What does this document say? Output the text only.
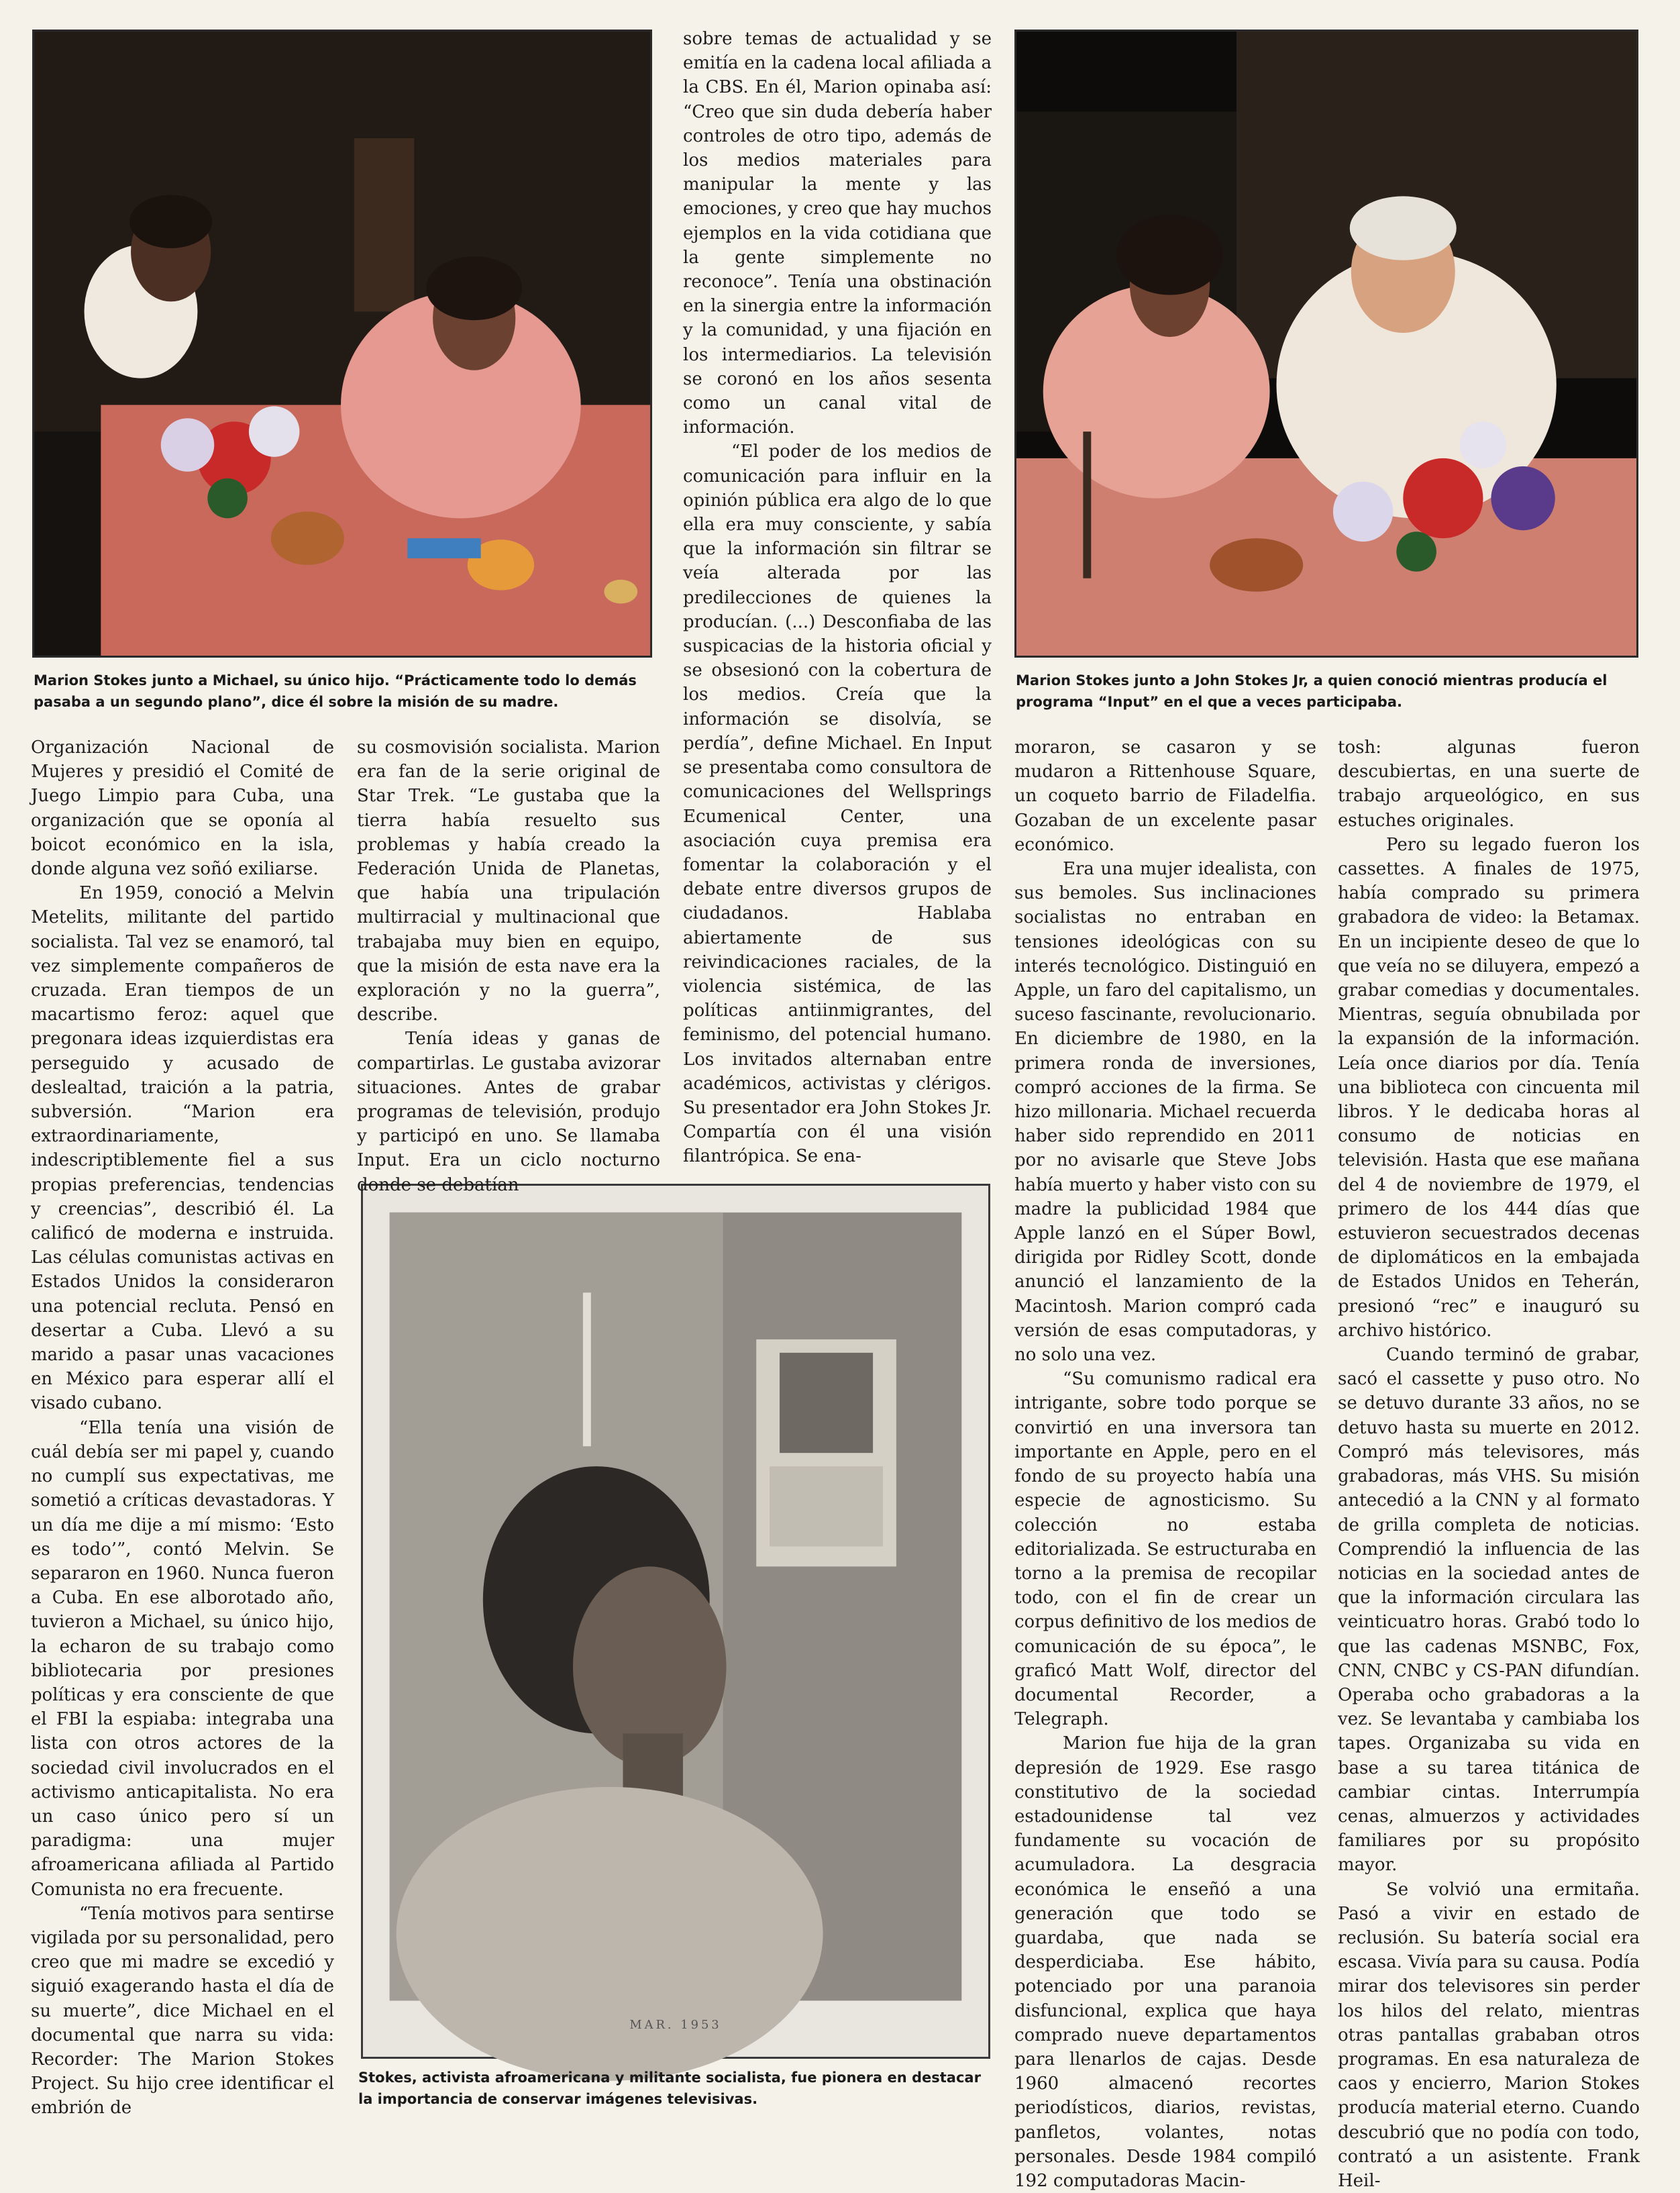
Marion Stokes junto a Michael, su único hijo. “Prácticamente todo lo demás pasaba a un segundo plano”, dice él sobre la misión de su madre.
Marion Stokes junto a John Stokes Jr, a quien conoció mientras producía el programa “Input” en el que a veces participaba.
MAR. 1953
Stokes, activista afroamericana y militante socialista, fue pionera en destacar la importancia de conservar imágenes televisivas.

sobre temas de actualidad y se emitía en la cadena local afiliada a la CBS. En él, Marion opinaba así: “Creo que sin duda debería haber controles de otro tipo, además de los medios materiales para manipular la mente y las emociones, y creo que hay muchos ejemplos en la vida cotidiana que la gente simplemente no reconoce”. Tenía una obstinación en la sinergia entre la información y la comunidad, y una fijación en los intermediarios. La televisión se coronó en los años sesenta como un canal vital de información.

“El poder de los medios de comunicación para influir en la opinión pública era algo de lo que ella era muy consciente, y sabía que la información sin filtrar se veía alterada por las predilecciones de quienes la producían. (...) Desconfiaba de las suspicacias de la historia oficial y se obsesionó con la cobertura de los medios. Creía que la información se disolvía, se perdía”, define Michael. En Input se presentaba como consultora de comunicaciones del Wellsprings Ecumenical Center, una asociación cuya premisa era fomentar la colaboración y el debate entre diversos grupos de ciudadanos. Hablaba abiertamente de sus reivindicaciones raciales, de la violencia sistémica, de las políticas antiinmigrantes, del feminismo, del potencial humano. Los invitados alternaban entre académicos, activistas y clérigos. Su presentador era John Stokes Jr. Compartía con él una visión filantrópica. Se ena-

Organización Nacional de Mujeres y presidió el Comité de Juego Limpio para Cuba, una organización que se oponía al boicot económico en la isla, donde alguna vez soñó exiliarse.

En 1959, conoció a Melvin Metelits, militante del partido socialista. Tal vez se enamoró, tal vez simplemente compañeros de cruzada. Eran tiempos de un macartismo feroz: aquel que pregonara ideas izquierdistas era perseguido y acusado de deslealtad, traición a la patria, subversión. “Marion era extraordinariamente, indescriptiblemente fiel a sus propias preferencias, tendencias y creencias”, describió él. La calificó de moderna e instruida. Las células comunistas activas en Estados Unidos la consideraron una potencial recluta. Pensó en desertar a Cuba. Llevó a su marido a pasar unas vacaciones en México para esperar allí el visado cubano.

“Ella tenía una visión de cuál debía ser mi papel y, cuando no cumplí sus expectativas, me sometió a críticas devastadoras. Y un día me dije a mí mismo: ‘Esto es todo’”, contó Melvin. Se separaron en 1960. Nunca fueron a Cuba. En ese alborotado año, tuvieron a Michael, su único hijo, la echaron de su trabajo como bibliotecaria por presiones políticas y era consciente de que el FBI la espiaba: integraba una lista con otros actores de la sociedad civil involucrados en el activismo anticapitalista. No era un caso único pero sí un paradigma: una mujer afroamericana afiliada al Partido Comunista no era frecuente.

“Tenía motivos para sentirse vigilada por su personalidad, pero creo que mi madre se excedió y siguió exagerando hasta el día de su muerte”, dice Michael en el documental que narra su vida: Recorder: The Marion Stokes Project. Su hijo cree identificar el embrión de

su cosmovisión socialista. Marion era fan de la serie original de Star Trek. “Le gustaba que la tierra había resuelto sus problemas y había creado la Federación Unida de Planetas, que había una tripulación multirracial y multinacional que trabajaba muy bien en equipo, que la misión de esta nave era la exploración y no la guerra”, describe.

Tenía ideas y ganas de compartirlas. Le gustaba avizorar situaciones. Antes de grabar programas de televisión, produjo y participó en uno. Se llamaba Input. Era un ciclo nocturno donde se debatían

moraron, se casaron y se mudaron a Rittenhouse Square, un coqueto barrio de Filadelfia. Gozaban de un excelente pasar económico.

Era una mujer idealista, con sus bemoles. Sus inclinaciones socialistas no entraban en tensiones ideológicas con su interés tecnológico. Distinguió en Apple, un faro del capitalismo, un suceso fascinante, revolucionario. En diciembre de 1980, en la primera ronda de inversiones, compró acciones de la firma. Se hizo millonaria. Michael recuerda haber sido reprendido en 2011 por no avisarle que Steve Jobs había muerto y haber visto con su madre la publicidad 1984 que Apple lanzó en el Súper Bowl, dirigida por Ridley Scott, donde anunció el lanzamiento de la Macintosh. Marion compró cada versión de esas computadoras, y no solo una vez.

“Su comunismo radical era intrigante, sobre todo porque se convirtió en una inversora tan importante en Apple, pero en el fondo de su proyecto había una especie de agnosticismo. Su colección no estaba editorializada. Se estructuraba en torno a la premisa de recopilar todo, con el fin de crear un corpus definitivo de los medios de comunicación de su época”, le graficó Matt Wolf, director del documental Recorder, a Telegraph.

Marion fue hija de la gran depresión de 1929. Ese rasgo constitutivo de la sociedad estadounidense tal vez fundamente su vocación de acumuladora. La desgracia económica le enseñó a una generación que todo se guardaba, que nada se desperdiciaba. Ese hábito, potenciado por una paranoia disfuncional, explica que haya comprado nueve departamentos para llenarlos de cajas. Desde 1960 almacenó recortes periodísticos, diarios, revistas, panfletos, volantes, notas personales. Desde 1984 compiló 192 computadoras Macin-

tosh: algunas fueron descubiertas, en una suerte de trabajo arqueológico, en sus estuches originales.

Pero su legado fueron los cassettes. A finales de 1975, había comprado su primera grabadora de video: la Betamax. En un incipiente deseo de que lo que veía no se diluyera, empezó a grabar comedias y documentales. Mientras, seguía obnubilada por la expansión de la información. Leía once diarios por día. Tenía una biblioteca con cincuenta mil libros. Y le dedicaba horas al consumo de noticias en televisión. Hasta que ese mañana del 4 de noviembre de 1979, el primero de los 444 días que estuvieron secuestrados decenas de diplomáticos en la embajada de Estados Unidos en Teherán, presionó “rec” e inauguró su archivo histórico.

Cuando terminó de grabar, sacó el cassette y puso otro. No se detuvo durante 33 años, no se detuvo hasta su muerte en 2012. Compró más televisores, más grabadoras, más VHS. Su misión antecedió a la CNN y al formato de grilla completa de noticias. Comprendió la influencia de las noticias en la sociedad antes de que la información circulara las veinticuatro horas. Grabó todo lo que las cadenas MSNBC, Fox, CNN, CNBC y CS-PAN difundían. Operaba ocho grabadoras a la vez. Se levantaba y cambiaba los tapes. Organizaba su vida en base a su tarea titánica de cambiar cintas. Interrumpía cenas, almuerzos y actividades familiares por su propósito mayor.

Se volvió una ermitaña. Pasó a vivir en estado de reclusión. Su batería social era escasa. Vivía para su causa. Podía mirar dos televisores sin perder los hilos del relato, mientras otras pantallas grababan otros programas. En esa naturaleza de caos y encierro, Marion Stokes producía material eterno. Cuando descubrió que no podía con todo, contrató a un asistente. Frank Heil-
